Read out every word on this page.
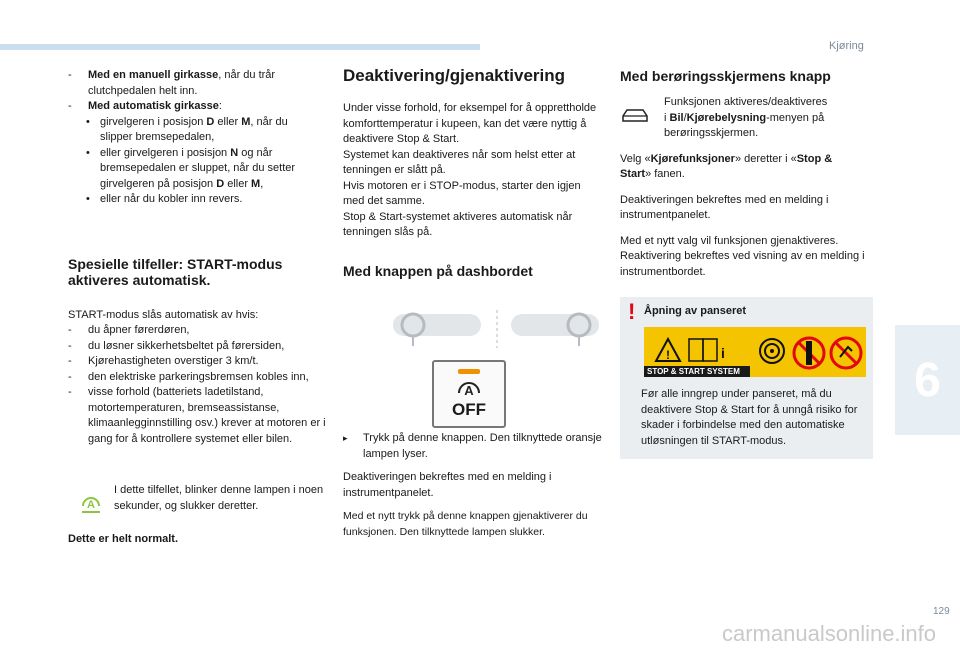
Kjøring
6
129
carmanualsonline.info
- Med en manuell girkasse, når du trår
clutchpedalen helt inn.
- Med automatisk girkasse:
• girvelgeren i posisjon D eller M, når du
slipper bremsepedalen,
• eller girvelgeren i posisjon N og når
bremsepedalen er sluppet, når du setter
girvelgeren på posisjon D eller M,
• eller når du kobler inn revers.
Spesielle tilfeller: START-modus aktiveres automatisk.
START-modus slås automatisk av hvis:
- du åpner førerdøren,
- du løsner sikkerhetsbeltet på førersiden,
- Kjørehastigheten overstiger 3 km/t.
- den elektriske parkeringsbremsen kobles inn,
- visse forhold (batteriets ladetilstand, motortemperaturen, bremseassistanse, klimaanlegginnstilling osv.) krever at motoren er i gang for å kontrollere systemet eller bilen.
A
I dette tilfellet, blinker denne lampen i noen sekunder, og slukker deretter.
Dette er helt normalt.
Deaktivering/gjenaktivering

Under visse forhold, for eksempel for å opprettholde komforttemperatur i kupeen, kan det være nyttig å deaktivere Stop & Start.

Systemet kan deaktiveres når som helst etter at tenningen er slått på.

Hvis motoren er i STOP-modus, starter den igjen med det samme.

Stop & Start-systemet aktiveres automatisk når tenningen slås på.

Med knappen på dashbordet
A
OFF
▸ Trykk på denne knappen. Den tilknyttede oransje lampen lyser.

Deaktiveringen bekreftes med en melding i instrumentpanelet.

Med et nytt trykk på denne knappen gjenaktiverer du funksjonen. Den tilknyttede lampen slukker.

Med berøringsskjermens knapp
Funksjonen aktiveres/deaktiveres
i Bil/Kjørebelysning-menyen på
berøringsskjermen.
Velg «Kjørefunksjoner» deretter i «Stop &
Start» fanen.

Deaktiveringen bekreftes med en melding i instrumentpanelet.

Med et nytt valg vil funksjonen gjenaktiveres. Reaktivering bekreftes ved visning av en melding i instrumentbordet.

! Åpning av panseret
!	i
STOP & START SYSTEM

Før alle inngrep under panseret, må du deaktivere Stop & Start for å unngå risiko for skader i forbindelse med den automatiske utløsningen til START-modus.
